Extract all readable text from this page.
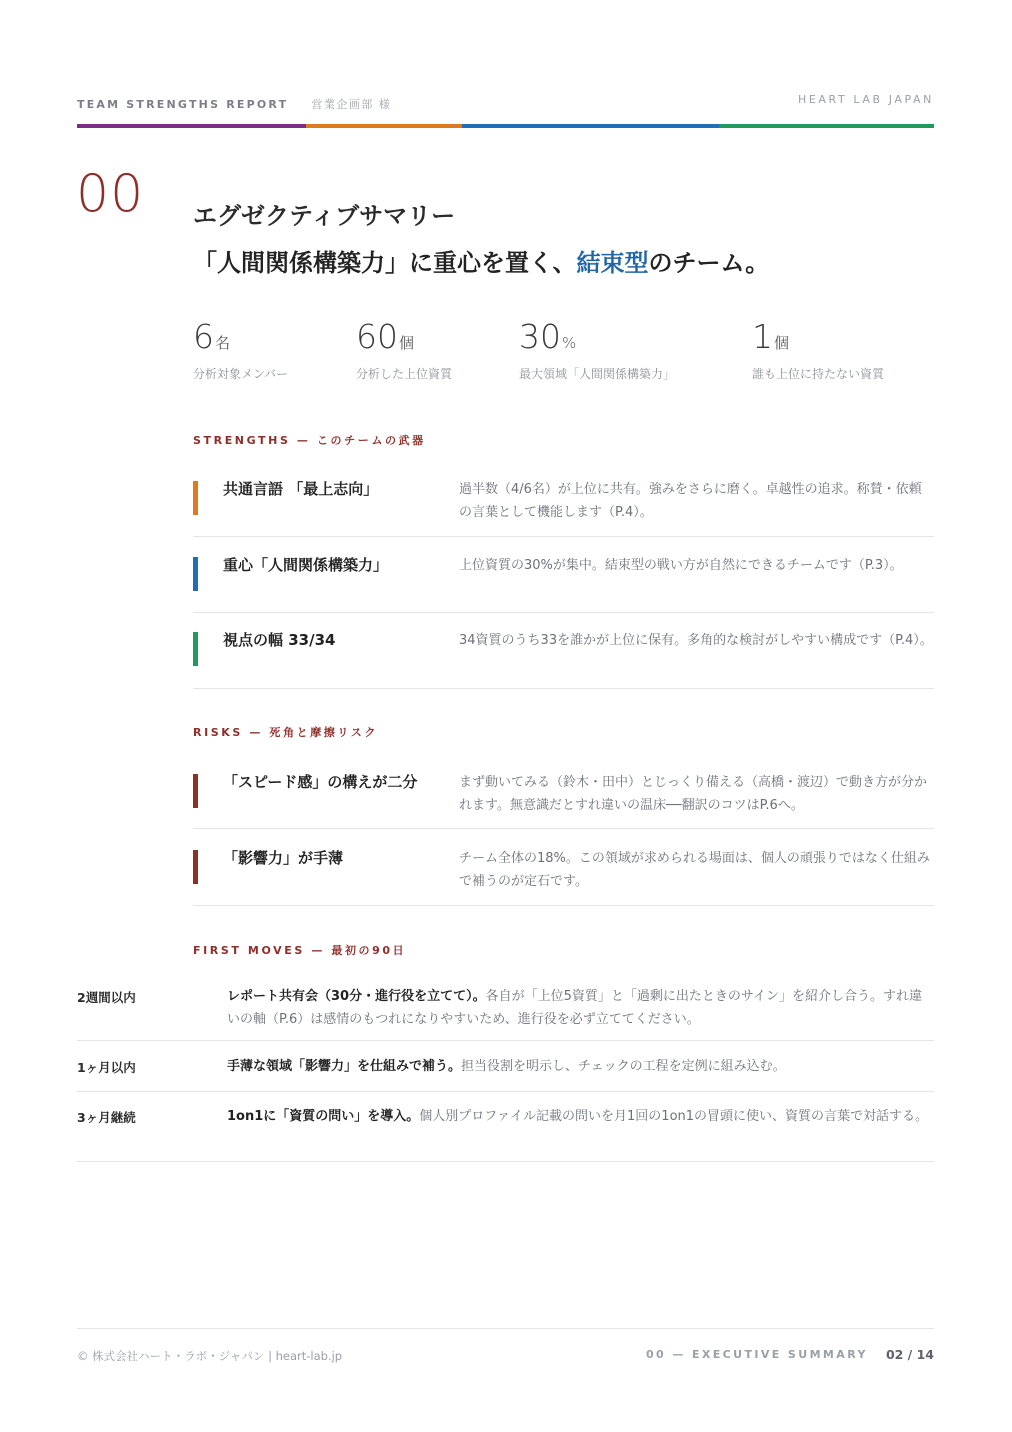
TEAM STRENGTHS REPORT 営業企画部 様	HEART LAB JAPAN
00 エグゼクティブサマリー
「人間関係構築力」に重心を置く、結束型のチーム。
6名
分析対象メンバー
60個
分析した上位資質
30%
最大領域「人間関係構築力」
1個
誰も上位に持たない資質
STRENGTHS — このチームの武器
共通言語 「最上志向」	過半数（4/6名）が上位に共有。強みをさらに磨く。卓越性の追求。称賛・依頼の言葉として機能します（P.4）。
重心「人間関係構築力」	上位資質の30%が集中。結束型の戦い方が自然にできるチームです（P.3）。
視点の幅 33/34	34資質のうち33を誰かが上位に保有。多角的な検討がしやすい構成です（P.4）。
RISKS — 死角と摩擦リスク
「スピード感」の構えが二分	まず動いてみる（鈴木・田中）とじっくり備える（高橋・渡辺）で動き方が分かれます。無意識だとすれ違いの温床──翻訳のコツはP.6へ。
「影響力」が手薄	チーム全体の18%。この領域が求められる場面は、個人の頑張りではなく仕組みで補うのが定石です。
FIRST MOVES — 最初の90日
2週間以内	レポート共有会（30分・進行役を立てて）。各自が「上位5資質」と「過剰に出たときのサイン」を紹介し合う。すれ違いの軸（P.6）は感情のもつれになりやすいため、進行役を必ず立ててください。
1ヶ月以内	手薄な領域「影響力」を仕組みで補う。担当役割を明示し、チェックの工程を定例に組み込む。
3ヶ月継続	1on1に「資質の問い」を導入。個人別プロファイル記載の問いを月1回の1on1の冒頭に使い、資質の言葉で対話する。
© 株式会社ハート・ラボ・ジャパン | heart-lab.jp	00 — EXECUTIVE SUMMARY 02 / 14
